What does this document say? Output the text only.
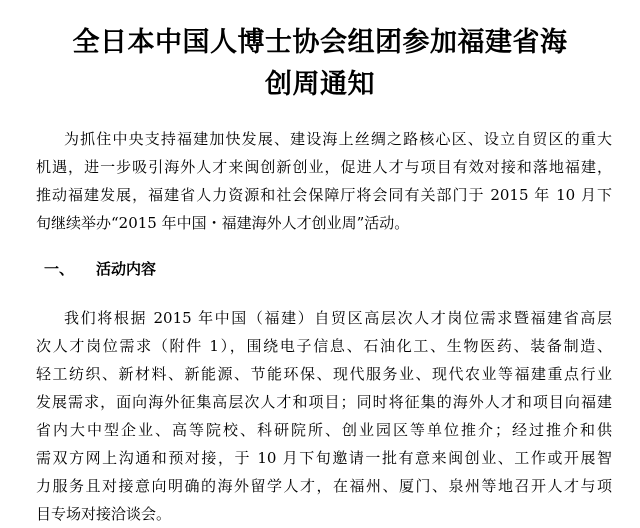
全日本中国人博士协会组团参加福建省海
创周通知
为抓住中央支持福建加快发展、建设海上丝绸之路核心区、设立自贸区的重大
机遇，进一步吸引海外人才来闽创新创业，促进人才与项目有效对接和落地福建，
推动福建发展，福建省人力资源和社会保障厅将会同有关部门于 2015 年 10 月下
旬继续举办“2015 年中国・福建海外人才创业周”活动。
一、 活动内容
我们将根据 2015 年中国（福建）自贸区高层次人才岗位需求暨福建省高层
次人才岗位需求（附件 1），围绕电子信息、石油化工、生物医药、装备制造、
轻工纺织、新材料、新能源、节能环保、现代服务业、现代农业等福建重点行业
发展需求，面向海外征集高层次人才和项目；同时将征集的海外人才和项目向福建
省内大中型企业、高等院校、科研院所、创业园区等单位推介；经过推介和供
需双方网上沟通和预对接，于 10 月下旬邀请一批有意来闽创业、工作或开展智
力服务且对接意向明确的海外留学人才，在福州、厦门、泉州等地召开人才与项
目专场对接洽谈会。
